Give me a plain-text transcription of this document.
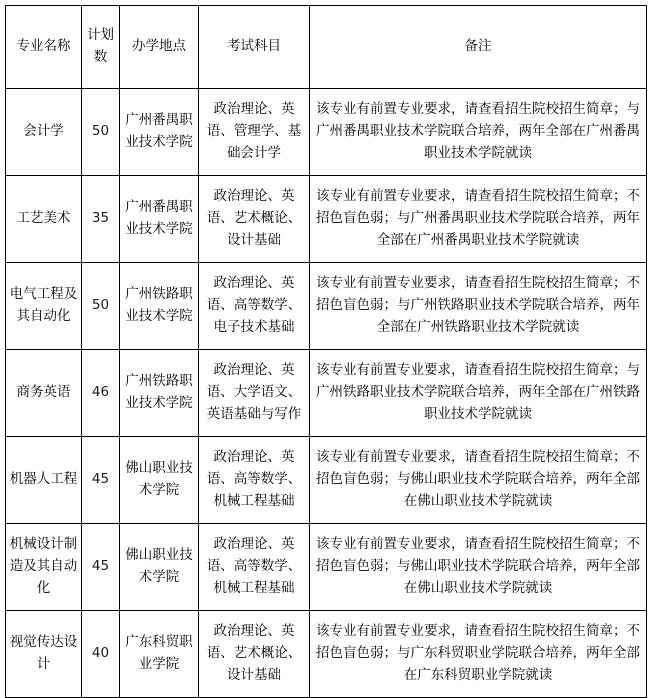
专业名称	计划数	办学地点	考试科目	备注
会计学	50	广州番禺职业技术学院	政治理论、英语、管理学、基础会计学	该专业有前置专业要求，请查看招生院校招生简章；与广州番禺职业技术学院联合培养，两年全部在广州番禺职业技术学院就读
工艺美术	35	广州番禺职业技术学院	政治理论、英语、艺术概论、设计基础	该专业有前置专业要求，请查看招生院校招生简章；不招色盲色弱；与广州番禺职业技术学院联合培养，两年全部在广州番禺职业技术学院就读
电气工程及其自动化	50	广州铁路职业技术学院	政治理论、英语、高等数学、电子技术基础	该专业有前置专业要求，请查看招生院校招生简章；不招色盲色弱；与广州铁路职业技术学院联合培养，两年全部在广州铁路职业技术学院就读
商务英语	46	广州铁路职业技术学院	政治理论、英语、大学语文、英语基础与写作	该专业有前置专业要求，请查看招生院校招生简章；与广州铁路职业技术学院联合培养，两年全部在广州铁路职业技术学院就读
机器人工程	45	佛山职业技术学院	政治理论、英语、高等数学、机械工程基础	该专业有前置专业要求，请查看招生院校招生简章；不招色盲色弱；与佛山职业技术学院联合培养，两年全部在佛山职业技术学院就读
机械设计制造及其自动化	45	佛山职业技术学院	政治理论、英语、高等数学、机械工程基础	该专业有前置专业要求，请查看招生院校招生简章；不招色盲色弱；与佛山职业技术学院联合培养，两年全部在佛山职业技术学院就读
视觉传达设计	40	广东科贸职业学院	政治理论、英语、艺术概论、设计基础	该专业有前置专业要求，请查看招生院校招生简章；不招色盲色弱；与广东科贸职业学院联合培养，两年全部在广东科贸职业学院就读
